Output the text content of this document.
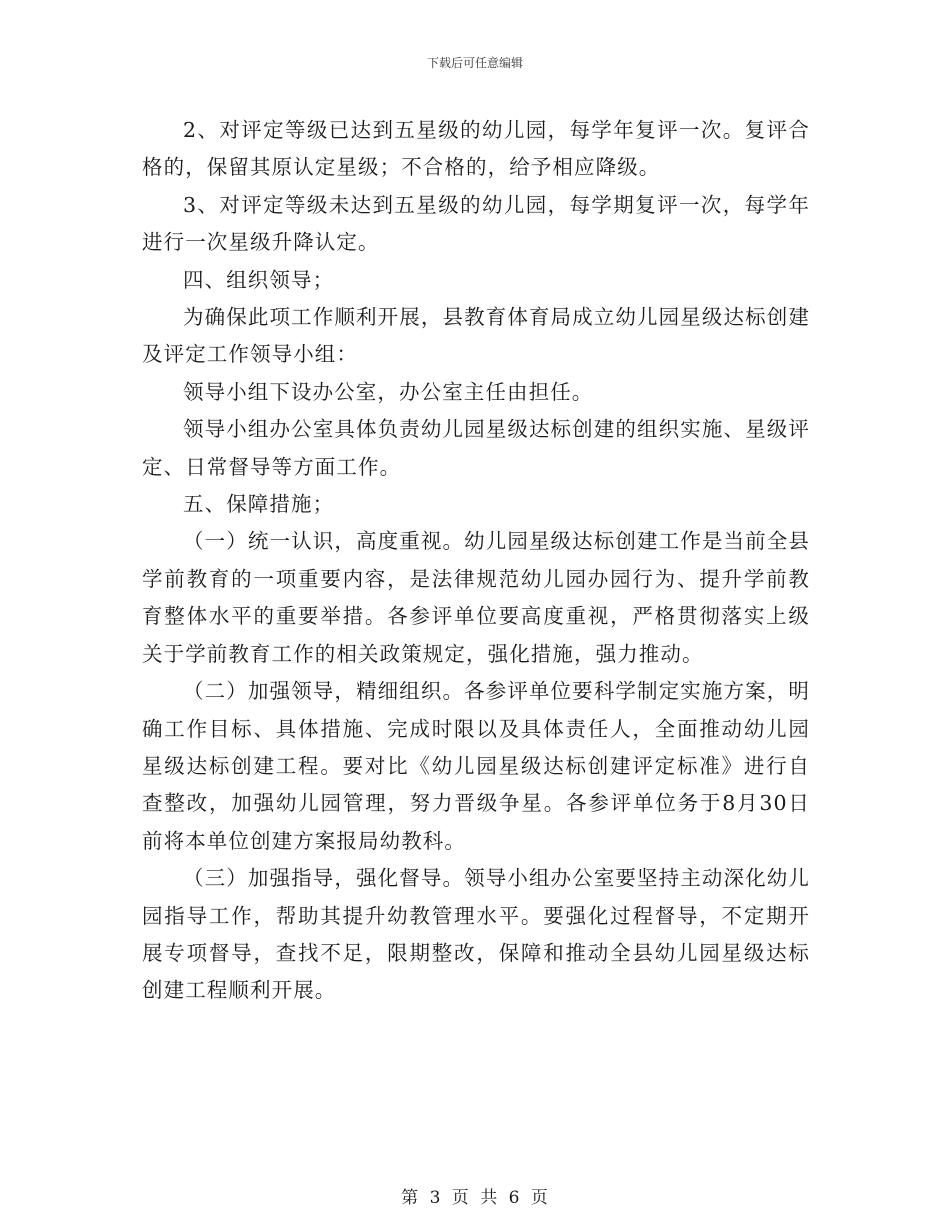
下载后可任意编辑

2、对评定等级已达到五星级的幼儿园，每学年复评一次。复评合格的，保留其原认定星级；不合格的，给予相应降级。

3、对评定等级未达到五星级的幼儿园，每学期复评一次，每学年进行一次星级升降认定。

四、组织领导；

为确保此项工作顺利开展，县教育体育局成立幼儿园星级达标创建及评定工作领导小组：

领导小组下设办公室，办公室主任由担任。

领导小组办公室具体负责幼儿园星级达标创建的组织实施、星级评定、日常督导等方面工作。

五、保障措施；

（一）统一认识，高度重视。幼儿园星级达标创建工作是当前全县学前教育的一项重要内容，是法律规范幼儿园办园行为、提升学前教育整体水平的重要举措。各参评单位要高度重视，严格贯彻落实上级关于学前教育工作的相关政策规定，强化措施，强力推动。

（二）加强领导，精细组织。各参评单位要科学制定实施方案，明确工作目标、具体措施、完成时限以及具体责任人，全面推动幼儿园星级达标创建工程。要对比《幼儿园星级达标创建评定标准》进行自查整改，加强幼儿园管理，努力晋级争星。各参评单位务于8月30日前将本单位创建方案报局幼教科。

（三）加强指导，强化督导。领导小组办公室要坚持主动深化幼儿园指导工作，帮助其提升幼教管理水平。要强化过程督导，不定期开展专项督导，查找不足，限期整改，保障和推动全县幼儿园星级达标创建工程顺利开展。

第 3 页 共 6 页
